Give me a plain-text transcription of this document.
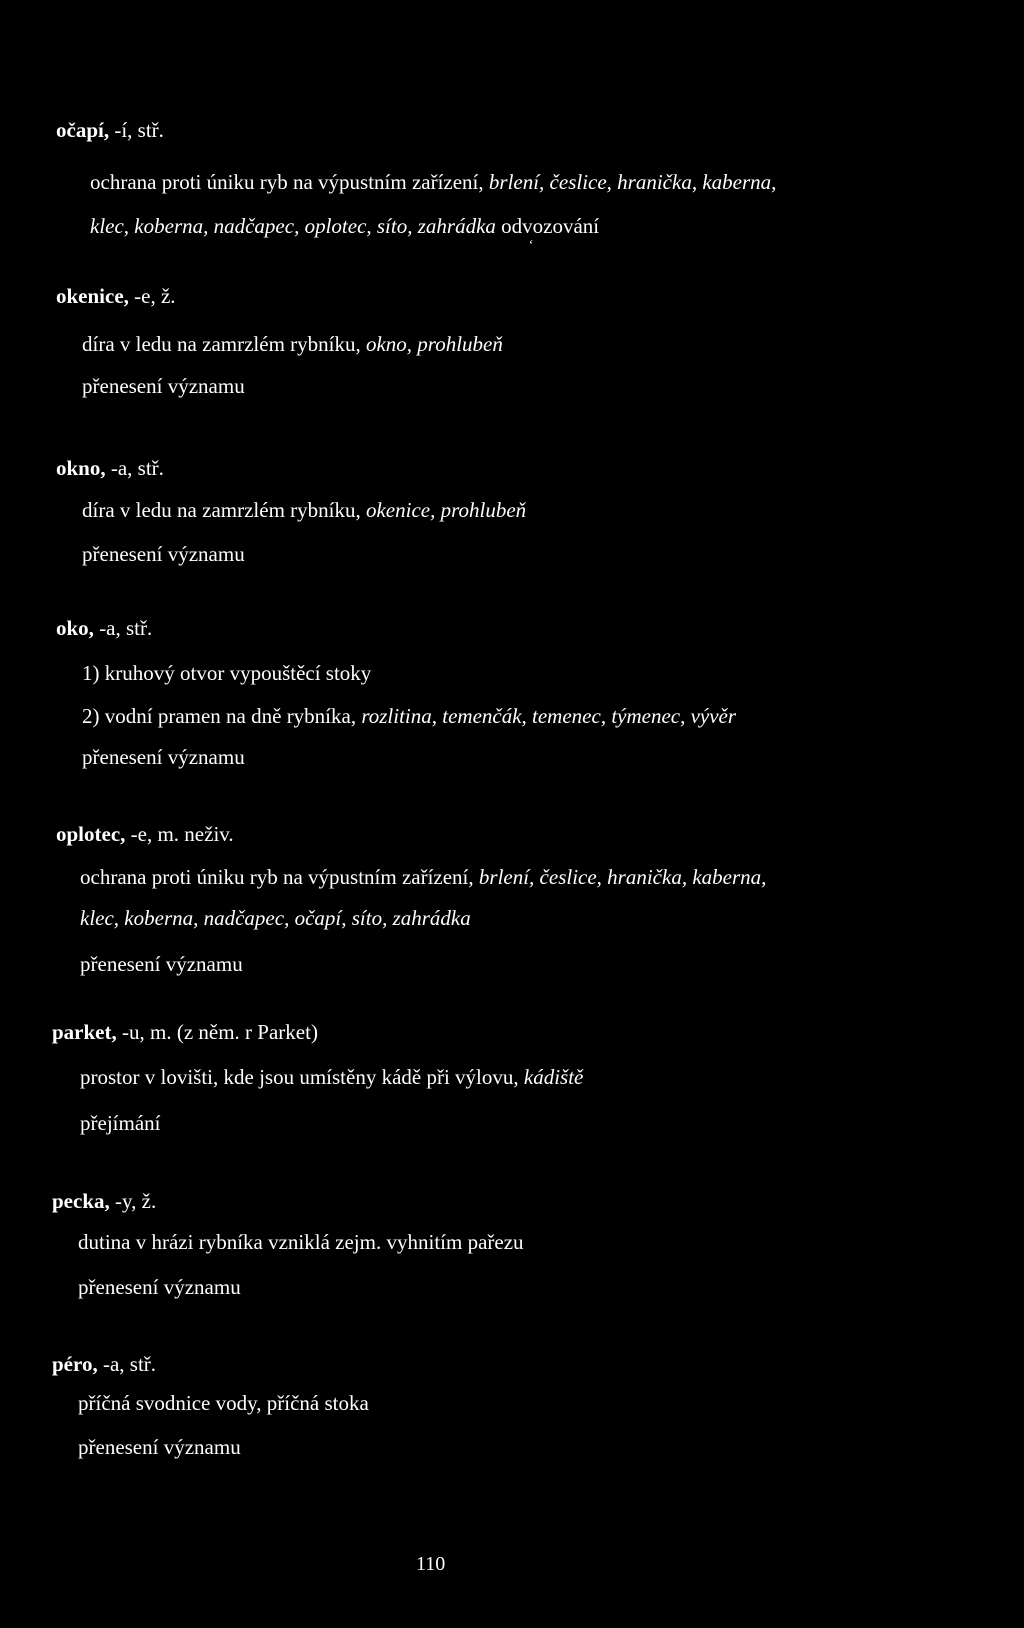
očapí, -í, stř.
ochrana proti úniku ryb na výpustním zařízení, brlení, česlice, hranička, kaberna,
klec, koberna, nadčapec, oplotec, síto, zahrádka odvozování
okenice, -e, ž.
díra v ledu na zamrzlém rybníku, okno, prohlubeň
přenesení významu
okno, -a, stř.
díra v ledu na zamrzlém rybníku, okenice, prohlubeň
přenesení významu
oko, -a, stř.
1) kruhový otvor vypouštěcí stoky
2) vodní pramen na dně rybníka, rozlitina, temenčák, temenec, týmenec, vývěr
přenesení významu
oplotec, -e, m. neživ.
ochrana proti úniku ryb na výpustním zařízení, brlení, česlice, hranička, kaberna,
klec, koberna, nadčapec, očapí, síto, zahrádka
přenesení významu
parket, -u, m. (z něm. r Parket)
prostor v lovišti, kde jsou umístěny kádě při výlovu, kádiště
přejímání
pecka, -y, ž.
dutina v hrázi rybníka vzniklá zejm. vyhnitím pařezu
přenesení významu
péro, -a, stř.
příčná svodnice vody, příčná stoka
přenesení významu
‘
110
